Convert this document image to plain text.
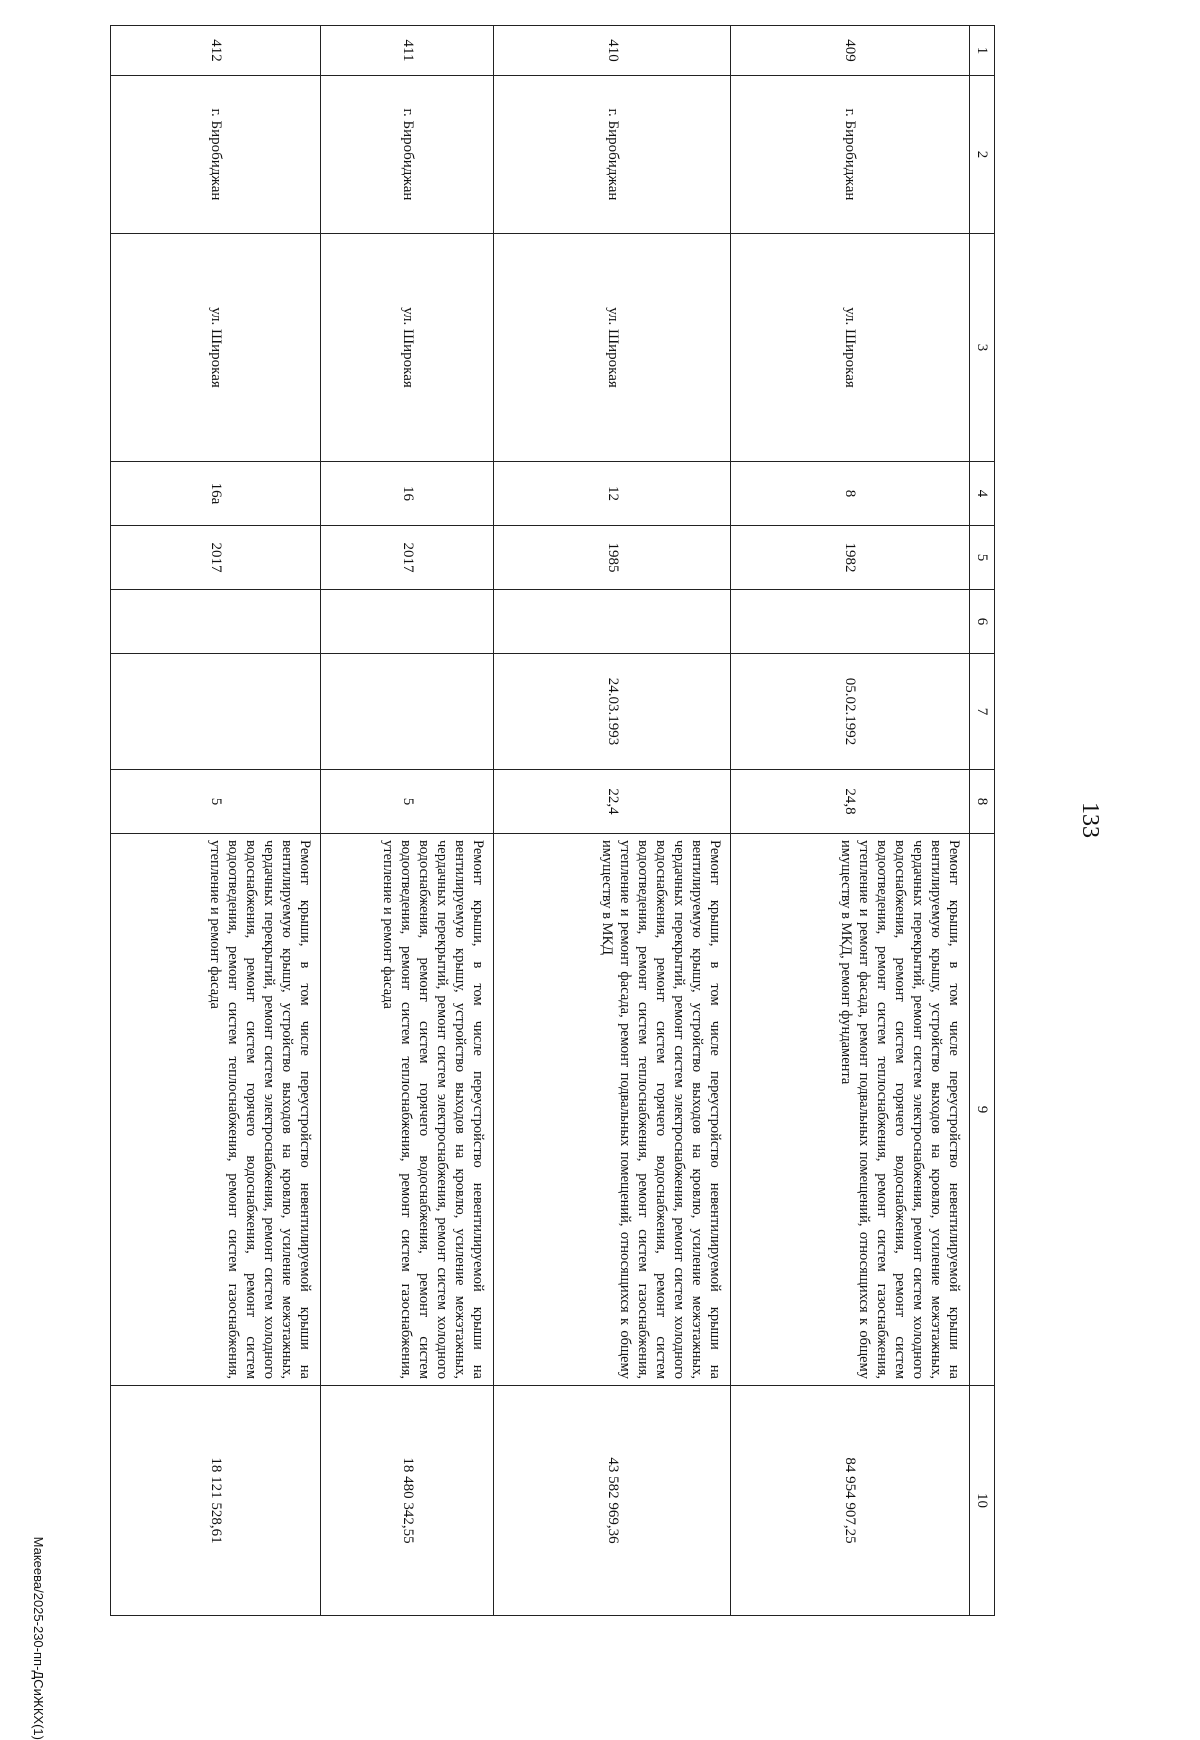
133
1	2	3	4	5	6	7	8	9	10
409	г. Биробиджан	ул. Широкая	8	1982		05.02.1992	24,8	Ремонт крыши, в том числе переустройство невентилируемой крыши на вентилируемую крышу, устройство выходов на кровлю, усиление межэтажных, чердачных перекрытий, ремонт систем электроснабжения, ремонт систем холодного водоснабжения, ремонт систем горячего водоснабжения, ремонт систем водоотведения, ремонт систем теплоснабжения, ремонт систем газоснабжения, утепление и ремонт фасада, ремонт подвальных помещений, относящихся к общему имуществу в МКД, ремонт фундамента	84 954 907,25
410	г. Биробиджан	ул. Широкая	12	1985		24.03.1993	22,4	Ремонт крыши, в том числе переустройство невентилируемой крыши на вентилируемую крышу, устройство выходов на кровлю, усиление межэтажных, чердачных перекрытий, ремонт систем электроснабжения, ремонт систем холодного водоснабжения, ремонт систем горячего водоснабжения, ремонт систем водоотведения, ремонт систем теплоснабжения, ремонт систем газоснабжения, утепление и ремонт фасада, ремонт подвальных помещений, относящихся к общему имуществу в МКД	43 582 969,36
411	г. Биробиджан	ул. Широкая	16	2017			5	Ремонт крыши, в том числе переустройство невентилируемой крыши на вентилируемую крышу, устройство выходов на кровлю, усиление межэтажных, чердачных перекрытий, ремонт систем электроснабжения, ремонт систем холодного водоснабжения, ремонт систем горячего водоснабжения, ремонт систем водоотведения, ремонт систем теплоснабжения, ремонт систем газоснабжения, утепление и ремонт фасада	18 480 342,55
412	г. Биробиджан	ул. Широкая	16а	2017			5	Ремонт крыши, в том числе переустройство невентилируемой крыши на вентилируемую крышу, устройство выходов на кровлю, усиление межэтажных, чердачных перекрытий, ремонт систем электроснабжения, ремонт систем холодного водоснабжения, ремонт систем горячего водоснабжения, ремонт систем водоотведения, ремонт систем теплоснабжения, ремонт систем газоснабжения, утепление и ремонт фасада	18 121 528,61
Макеева/2025-230-пп-ДСиЖКХ(1)
